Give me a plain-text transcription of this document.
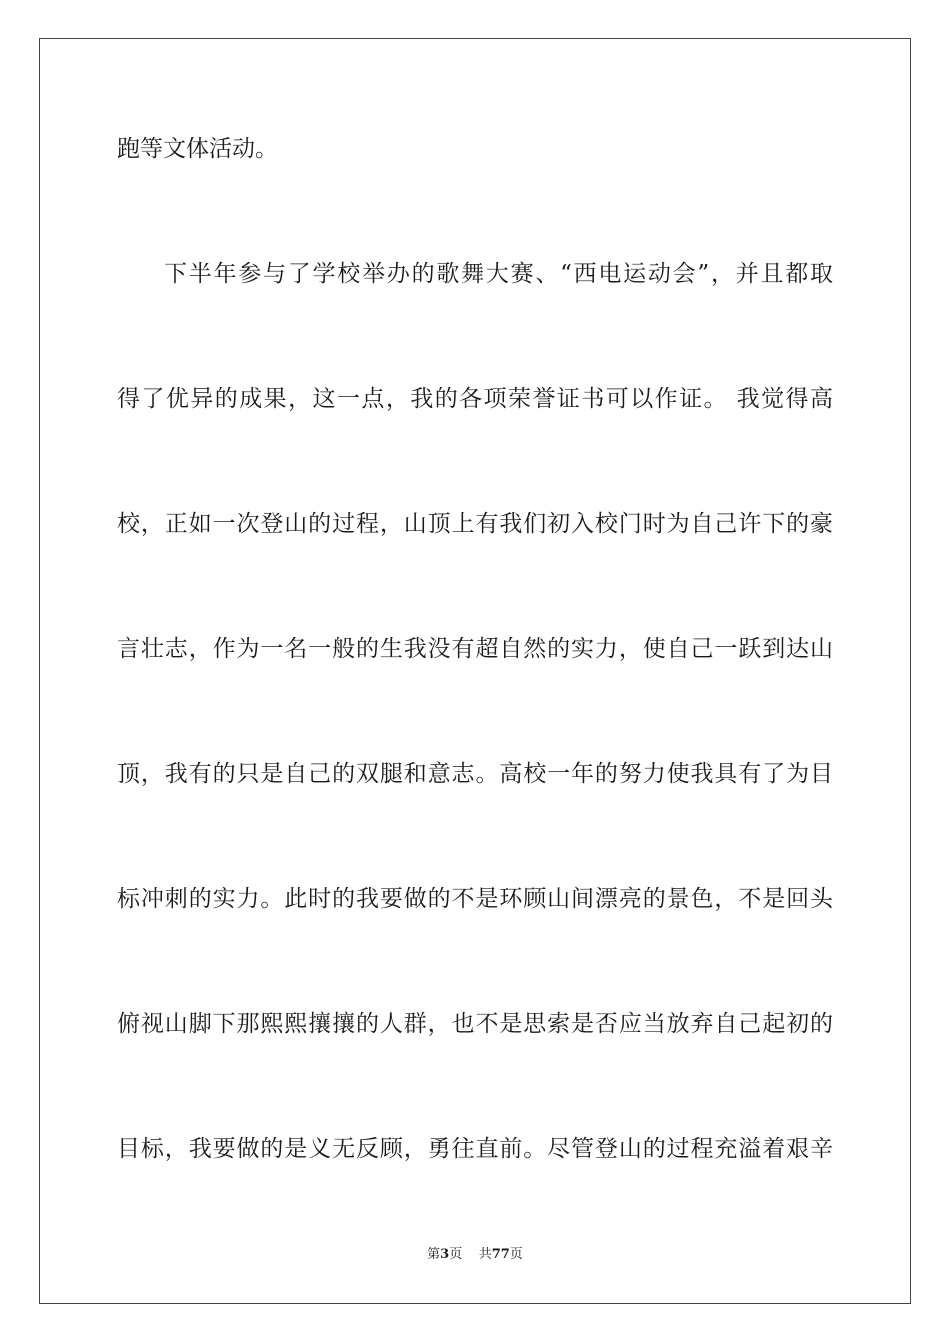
跑等文体活动。
下半年参与了学校举办的歌舞大赛、“西电运动会”，并且都取
得了优异的成果，这一点，我的各项荣誉证书可以作证。 我觉得高
校，正如一次登山的过程，山顶上有我们初入校门时为自己许下的豪
言壮志，作为一名一般的生我没有超自然的实力，使自己一跃到达山
顶，我有的只是自己的双腿和意志。高校一年的努力使我具有了为目
标冲刺的实力。此时的我要做的不是环顾山间漂亮的景色，不是回头
俯视山脚下那熙熙攘攘的人群，也不是思索是否应当放弃自己起初的
目标，我要做的是义无反顾，勇往直前。尽管登山的过程充溢着艰辛
第3页 共77页
